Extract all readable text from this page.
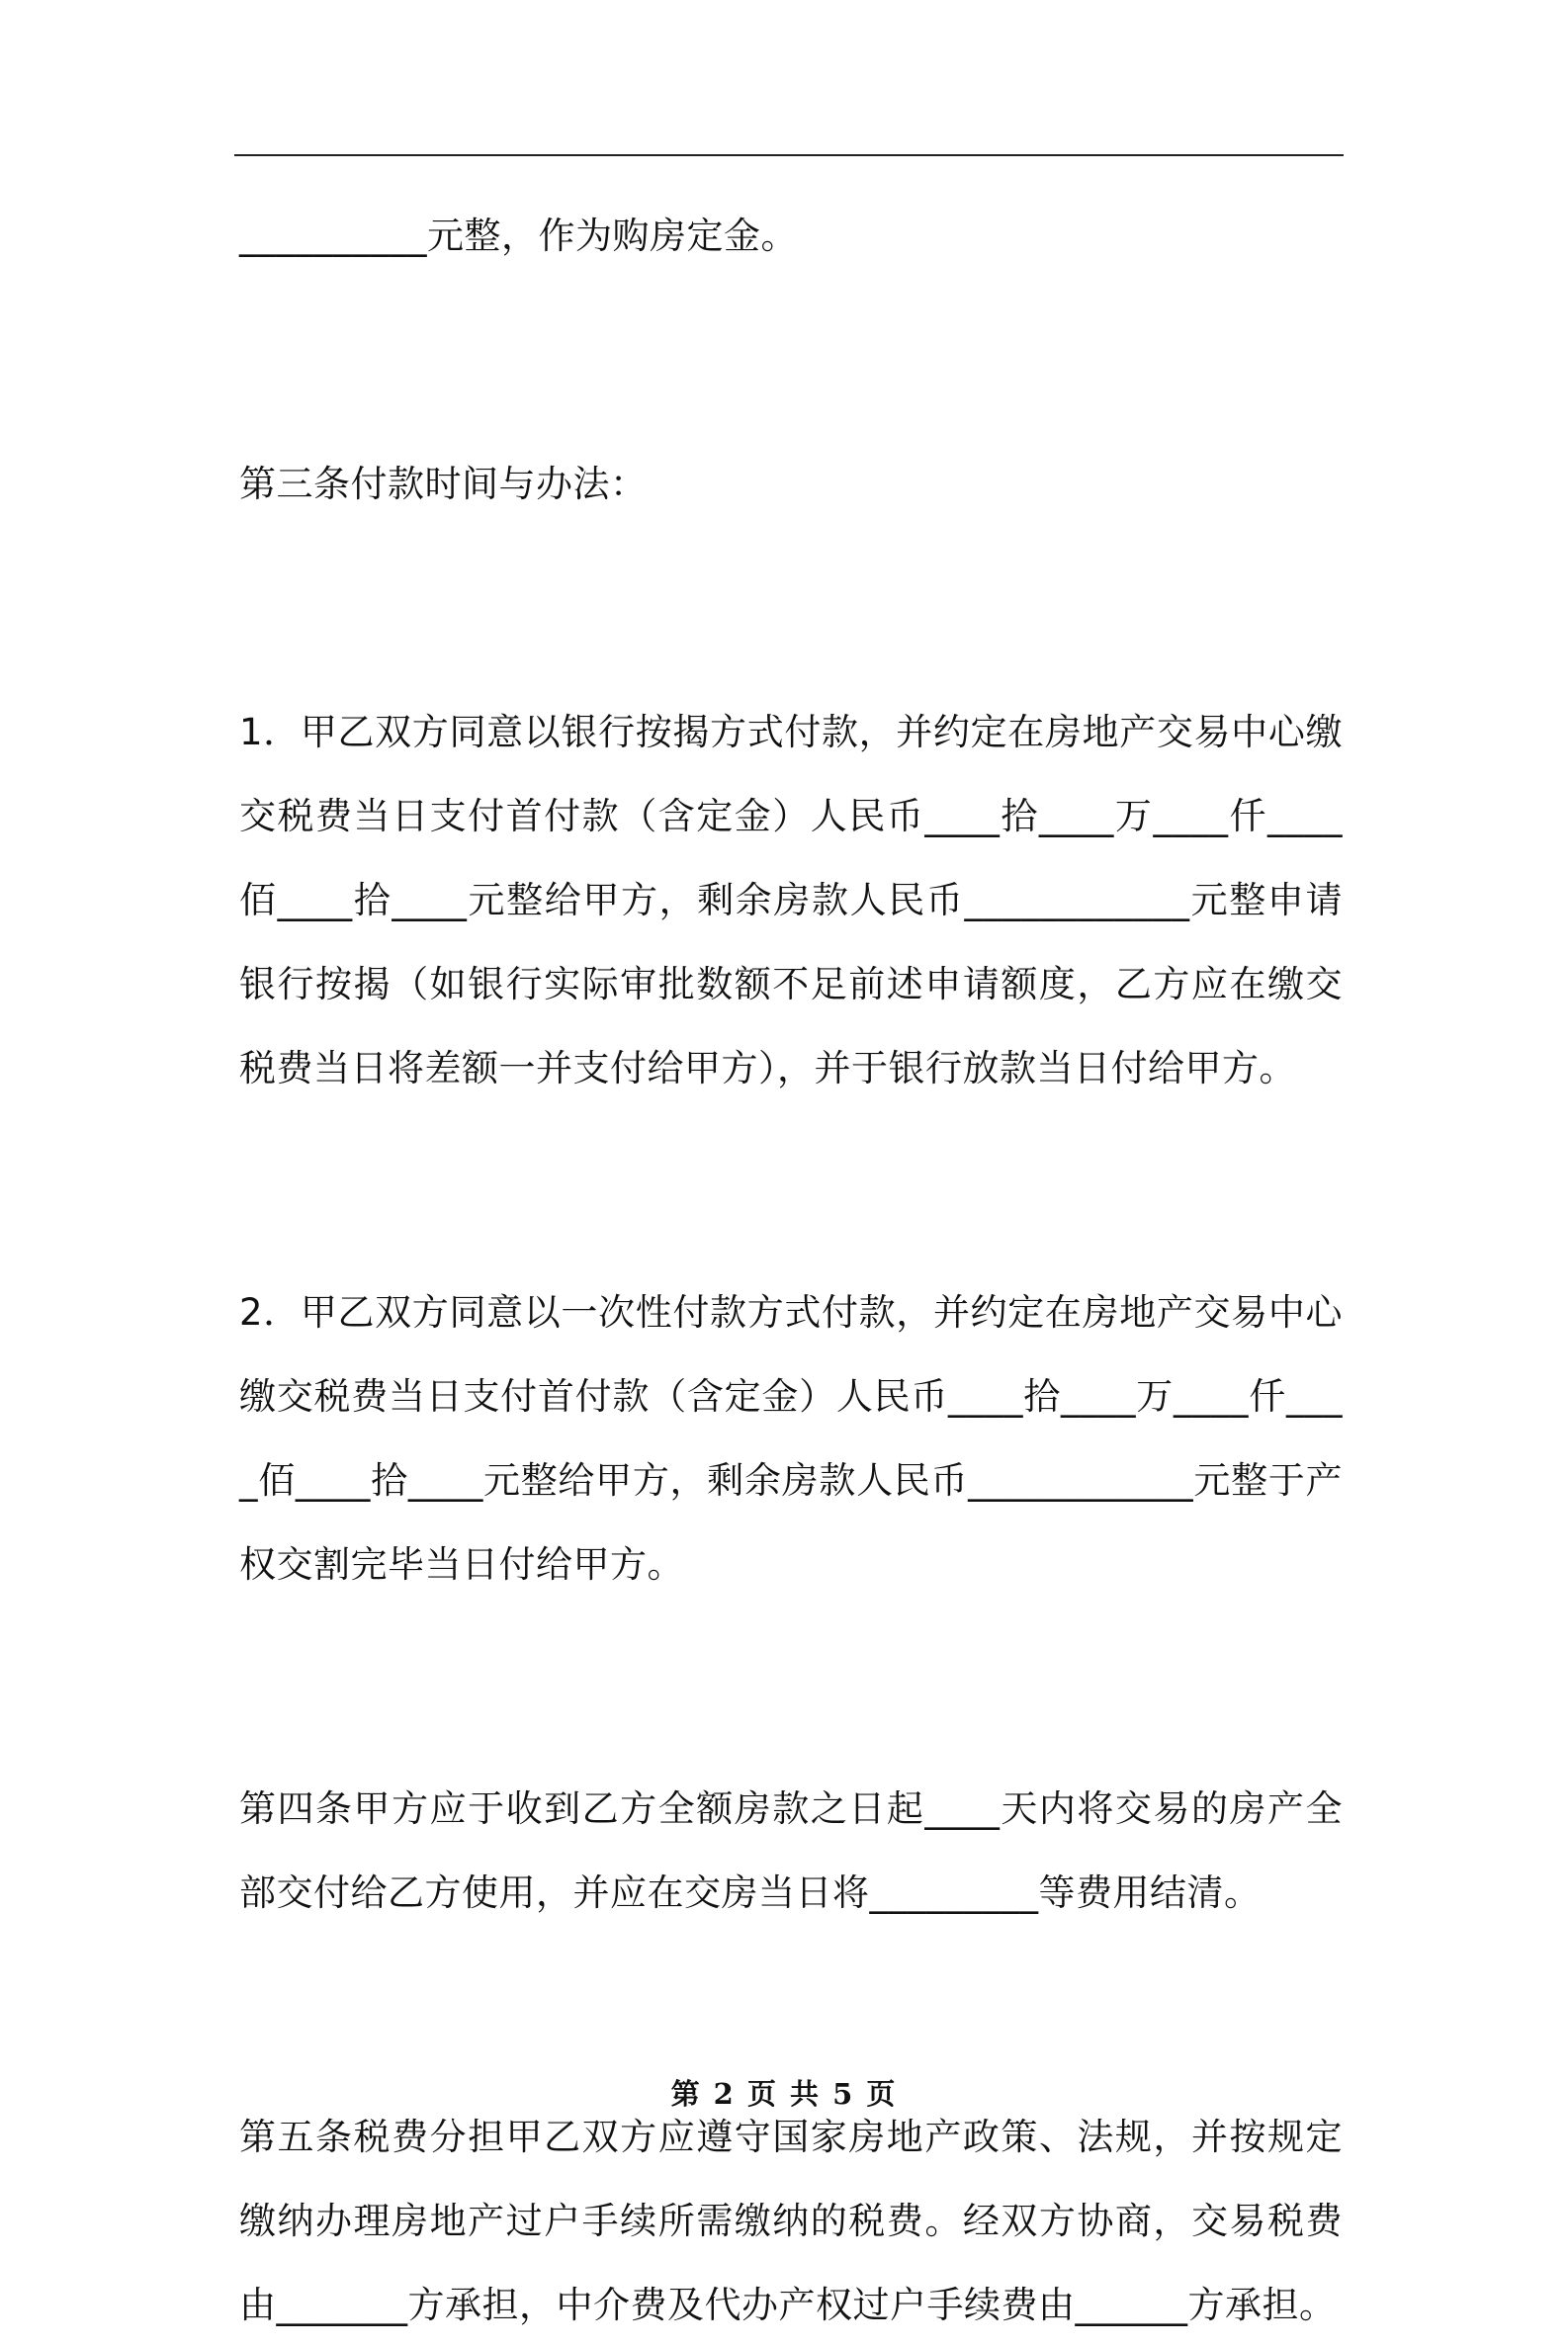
__________元整，作为购房定金。

第三条付款时间与办法：

1．甲乙双方同意以银行按揭方式付款，并约定在房地产交易中心缴交税费当日支付首付款（含定金）人民币____拾____万____仟____佰____拾____元整给甲方，剩余房款人民币____________元整申请银行按揭（如银行实际审批数额不足前述申请额度，乙方应在缴交税费当日将差额一并支付给甲方），并于银行放款当日付给甲方。

2．甲乙双方同意以一次性付款方式付款，并约定在房地产交易中心缴交税费当日支付首付款（含定金）人民币____拾____万____仟____佰____拾____元整给甲方，剩余房款人民币____________元整于产权交割完毕当日付给甲方。

第四条甲方应于收到乙方全额房款之日起____天内将交易的房产全部交付给乙方使用，并应在交房当日将_________等费用结清。

第五条税费分担甲乙双方应遵守国家房地产政策、法规，并按规定缴纳办理房地产过户手续所需缴纳的税费。经双方协商，交易税费由_______方承担，中介费及代办产权过户手续费由______方承担。

第 2 页 共 5 页
